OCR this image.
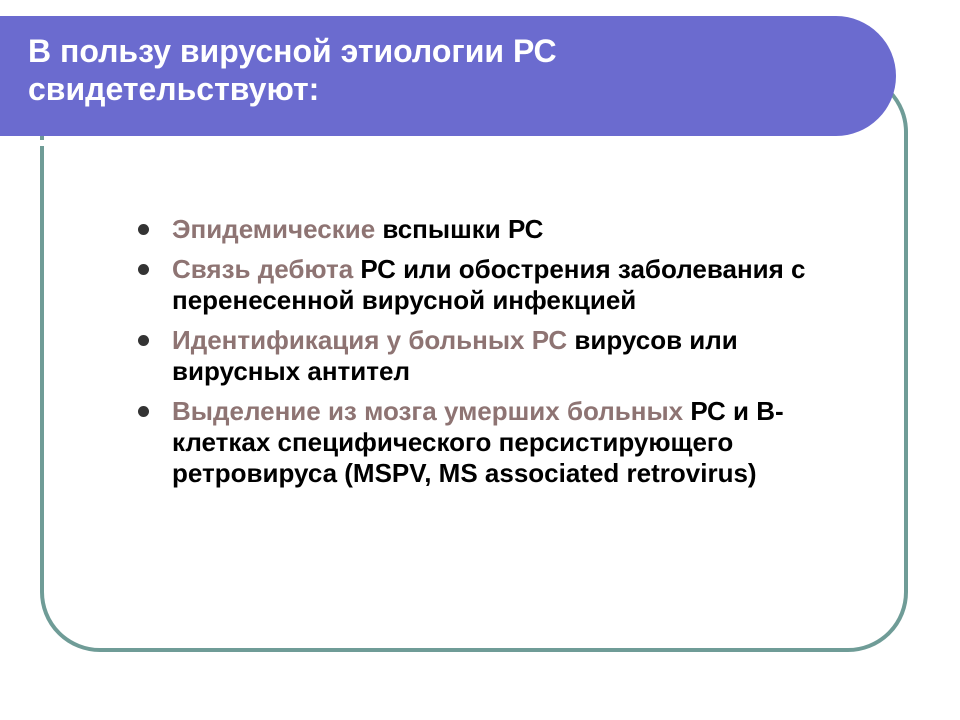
В пользу вирусной этиологии РС свидетельствуют:
Эпидемические вспышки РС
Связь дебюта РС или обострения заболевания с перенесенной вирусной инфекцией
Идентификация у больных РС вирусов или вирусных антител
Выделение из мозга умерших больных РС и В-клетках специфического персистирующего ретровируса (MSPV, MS associated retrovirus)
